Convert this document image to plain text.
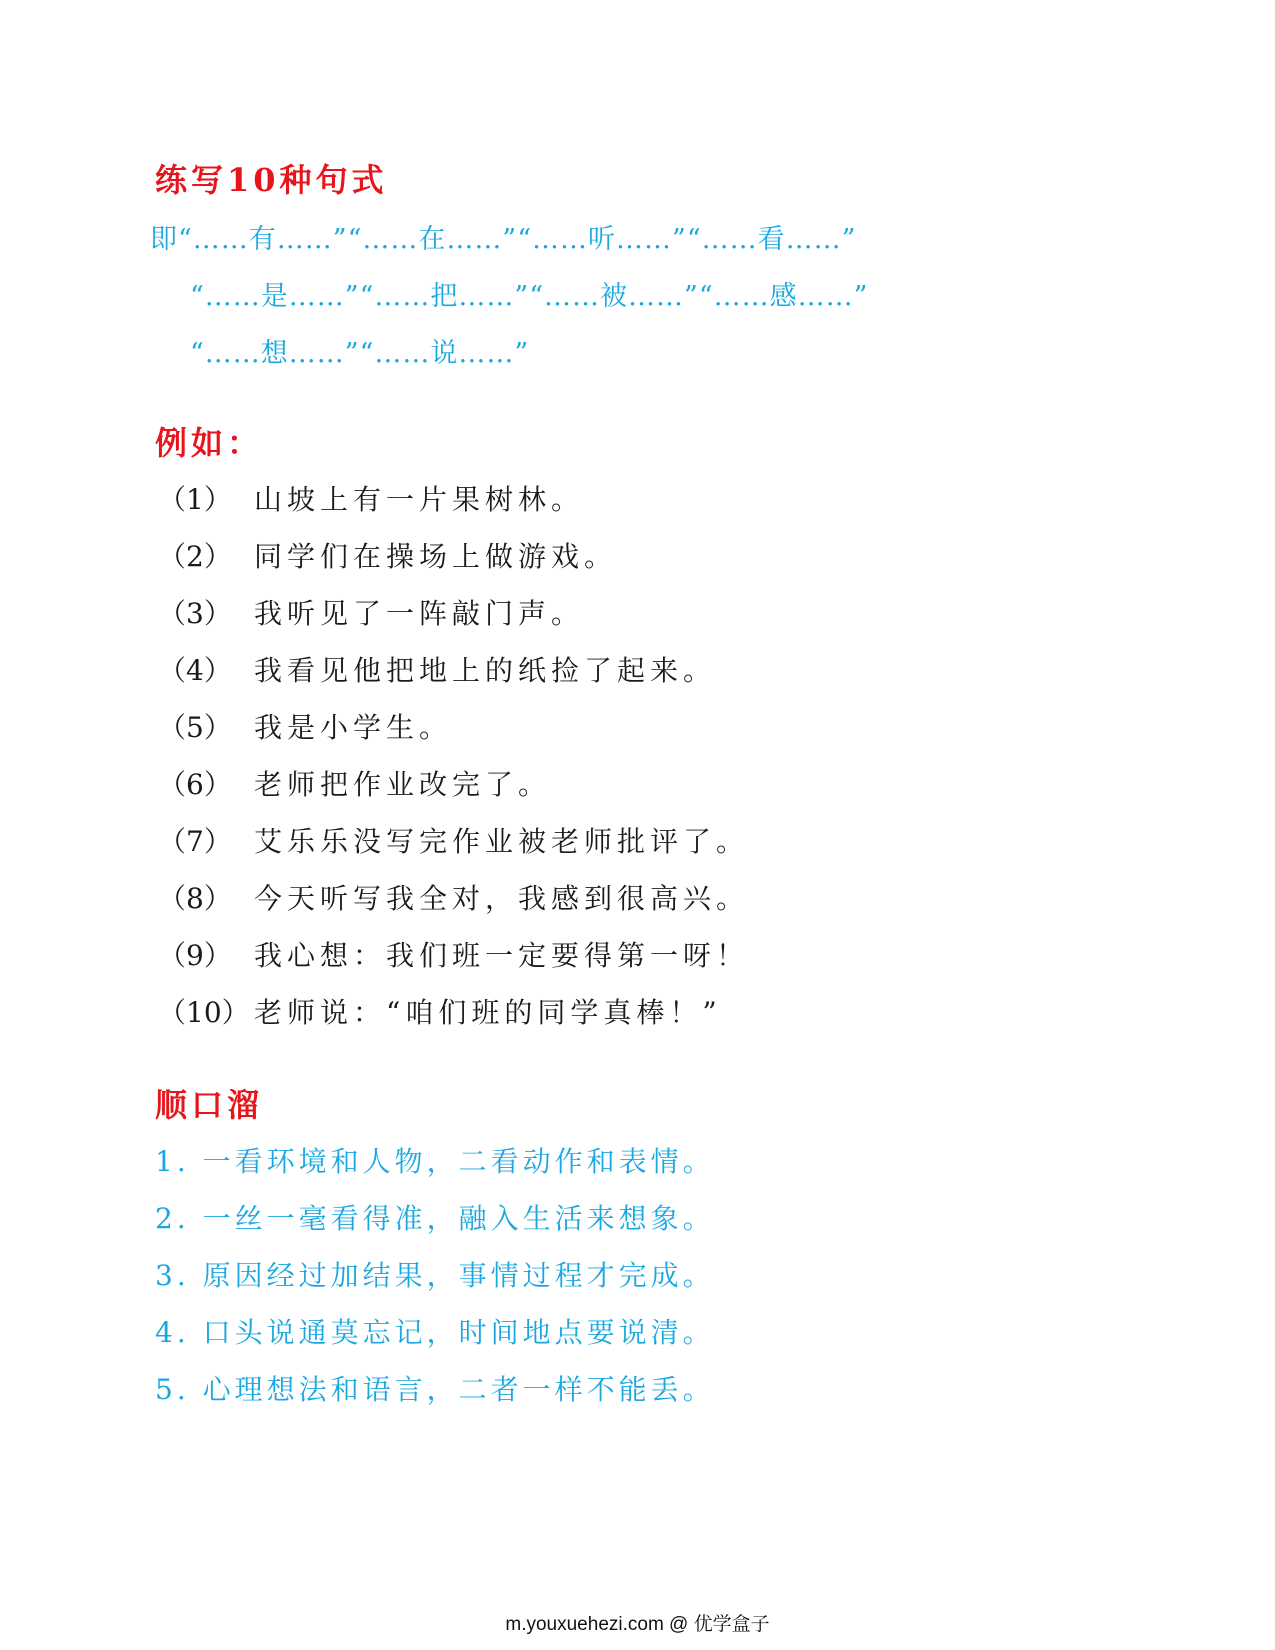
练写10种句式
即“……有……”“……在……”“……听……”“……看……”
“……是……”“……把……”“……被……”“……感……”
“……想……”“……说……”
例如：
（1） 山坡上有一片果树林。
（2） 同学们在操场上做游戏。
（3） 我听见了一阵敲门声。
（4） 我看见他把地上的纸捡了起来。
（5） 我是小学生。
（6） 老师把作业改完了。
（7） 艾乐乐没写完作业被老师批评了。
（8） 今天听写我全对，我感到很高兴。
（9） 我心想：我们班一定要得第一呀！
（10） 老师说：“咱们班的同学真棒！”
顺口溜
1. 一看环境和人物，二看动作和表情。
2. 一丝一毫看得准，融入生活来想象。
3. 原因经过加结果，事情过程才完成。
4. 口头说通莫忘记，时间地点要说清。
5. 心理想法和语言，二者一样不能丢。
m.youxuehezi.com @ 优学盒子
